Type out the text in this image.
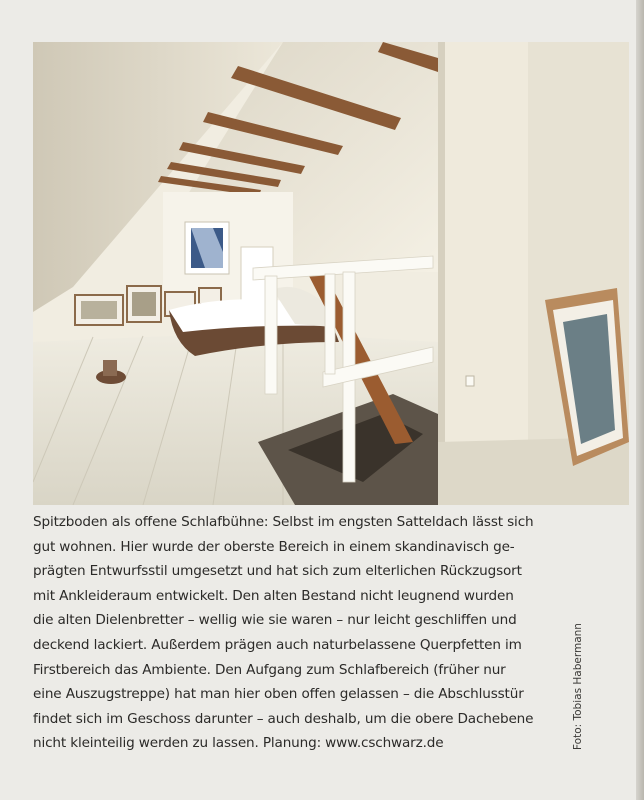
Spitzboden als offene Schlafbühne: Selbst im engsten Satteldach lässt sich
gut wohnen. Hier wurde der oberste Bereich in einem skandinavisch ge-
prägten Entwurfsstil umgesetzt und hat sich zum elterlichen Rückzugsort
mit Ankleideraum entwickelt. Den alten Bestand nicht leugnend wurden
die alten Dielenbretter – wellig wie sie waren – nur leicht geschliffen und
deckend lackiert. Außerdem prägen auch naturbelassene Querpfetten im
Firstbereich das Ambiente. Den Aufgang zum Schlafbereich (früher nur
eine Auszugstreppe) hat man hier oben offen gelassen – die Abschlusstür
findet sich im Geschoss darunter – auch deshalb, um die obere Dachebene
nicht kleinteilig werden zu lassen. Planung: www.cschwarz.de	Foto: Tobias Habermann
